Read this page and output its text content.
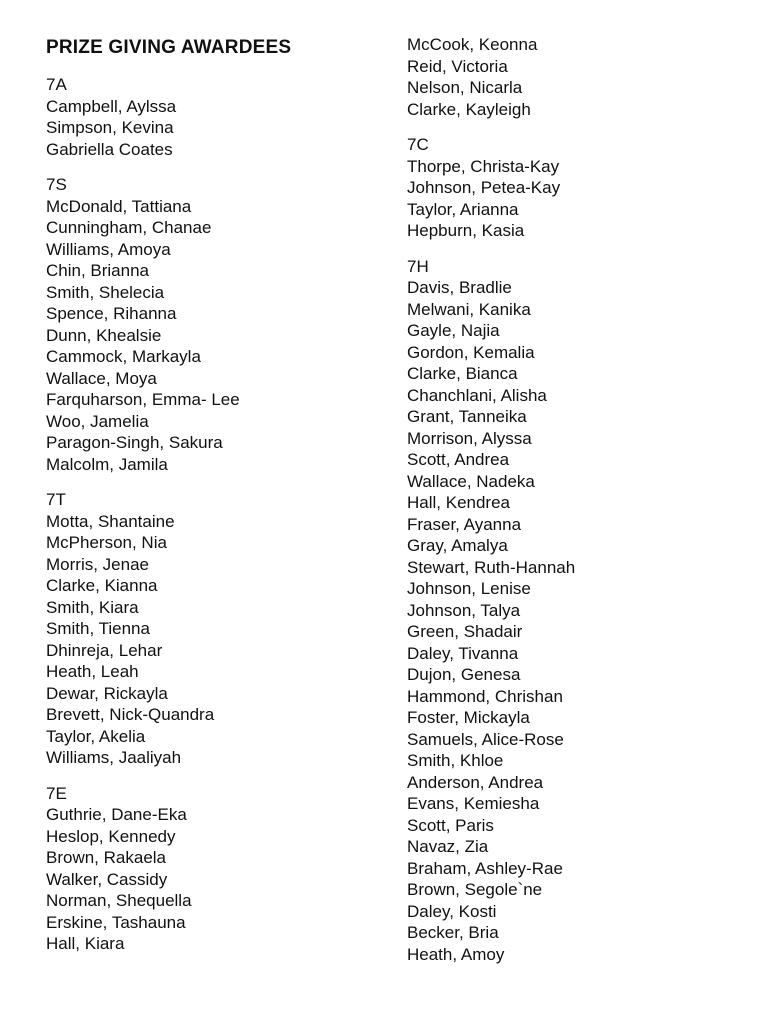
PRIZE GIVING AWARDEES
7A
Campbell, Aylssa
Simpson, Kevina
Gabriella Coates
7S
McDonald, Tattiana
Cunningham, Chanae
Williams, Amoya
Chin, Brianna
Smith, Shelecia
Spence, Rihanna
Dunn, Khealsie
Cammock, Markayla
Wallace, Moya
Farquharson, Emma- Lee
Woo, Jamelia
Paragon-Singh, Sakura
Malcolm, Jamila
7T
Motta, Shantaine
McPherson, Nia
Morris, Jenae
Clarke, Kianna
Smith, Kiara
Smith, Tienna
Dhinreja, Lehar
Heath, Leah
Dewar, Rickayla
Brevett, Nick-Quandra
Taylor, Akelia
Williams, Jaaliyah
7E
Guthrie, Dane-Eka
Heslop, Kennedy
Brown, Rakaela
Walker, Cassidy
Norman, Shequella
Erskine, Tashauna
Hall, Kiara
McCook, Keonna
Reid, Victoria
Nelson, Nicarla
Clarke, Kayleigh
7C
Thorpe, Christa-Kay
Johnson, Petea-Kay
Taylor, Arianna
Hepburn, Kasia
7H
Davis, Bradlie
Melwani, Kanika
Gayle, Najia
Gordon, Kemalia
Clarke, Bianca
Chanchlani, Alisha
Grant, Tanneika
Morrison, Alyssa
Scott, Andrea
Wallace, Nadeka
Hall, Kendrea
Fraser, Ayanna
Gray, Amalya
Stewart, Ruth-Hannah
Johnson, Lenise
Johnson, Talya
Green, Shadair
Daley, Tivanna
Dujon, Genesa
Hammond, Chrishan
Foster, Mickayla
Samuels, Alice-Rose
Smith, Khloe
Anderson, Andrea
Evans, Kemiesha
Scott, Paris
Navaz, Zia
Braham, Ashley-Rae
Brown, Segole`ne
Daley, Kosti
Becker, Bria
Heath, Amoy
